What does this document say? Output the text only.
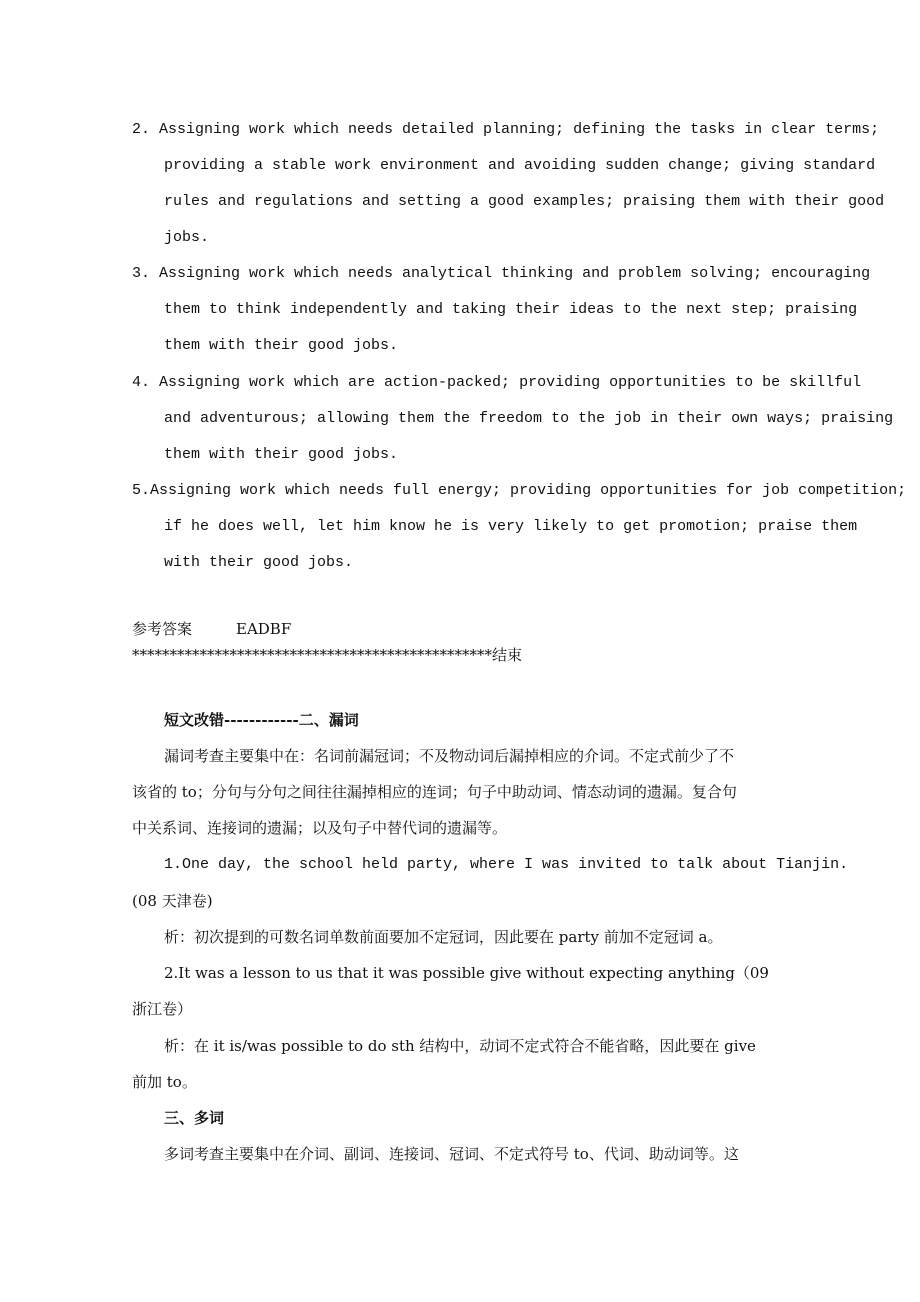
2. Assigning work which needs detailed planning; defining the tasks in clear terms;
providing a stable work environment and avoiding sudden change; giving standard
rules and regulations and setting a good examples; praising them with their good
jobs.
3. Assigning work which needs analytical thinking and problem solving; encouraging
them to think independently and taking their ideas to the next step; praising
them with their good jobs.
4. Assigning work which are action-packed; providing opportunities to be skillful
and adventurous; allowing them the freedom to the job in their own ways; praising
them with their good jobs.
5.Assigning work which needs full energy; providing opportunities for job competition;
if he does well, let him know he is very likely to get promotion; praise them
with their good jobs.
参考答案	EADBF
************************************************结束
短文改错------------二、漏词
漏词考查主要集中在：名词前漏冠词；不及物动词后漏掉相应的介词。不定式前少了不
该省的 to；分句与分句之间往往漏掉相应的连词；句子中助动词、情态动词的遗漏。复合句
中关系词、连接词的遗漏；以及句子中替代词的遗漏等。
1.One day, the school held party, where I was invited to talk about Tianjin.
(08 天津卷)
析：初次提到的可数名词单数前面要加不定冠词，因此要在 party 前加不定冠词 a。
2.It was a lesson to us that it was possible give without expecting anything（09
浙江卷）
析：在 it is/was possible to do sth 结构中，动词不定式符合不能省略，因此要在 give
前加 to。
三、多词
多词考查主要集中在介词、副词、连接词、冠词、不定式符号 to、代词、助动词等。这
